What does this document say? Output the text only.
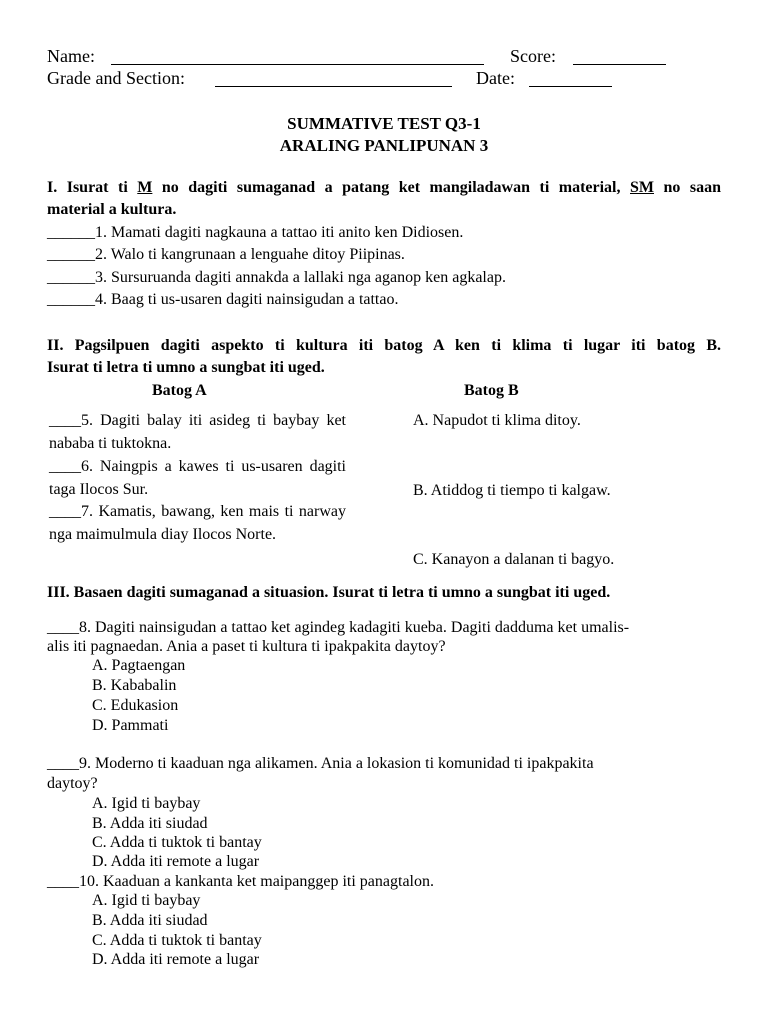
Name:	Score:
Grade and Section:	Date:
SUMMATIVE TEST Q3-1
ARALING PANLIPUNAN 3
I. Isurat ti M no dagiti sumaganad a patang ket mangiladawan ti material, SM no saan
material a kultura.
______1. Mamati dagiti nagkauna a tattao iti anito ken Didiosen.
______2. Walo ti kangrunaan a lenguahe ditoy Piipinas.
______3. Sursuruanda dagiti annakda a lallaki nga aganop ken agkalap.
______4. Baag ti us-usaren dagiti nainsigudan a tattao.
II. Pagsilpuen dagiti aspekto ti kultura iti batog A ken ti klima ti lugar iti batog B.
Isurat ti letra ti umno a sungbat iti uged.
Batog A	Batog B
____5. Dagiti balay iti asideg ti baybay ket nababa ti tuktokna.
____6. Naingpis a kawes ti us-usaren dagiti taga Ilocos Sur.
____7. Kamatis, bawang, ken mais ti narway nga maimulmula diay Ilocos Norte.
A. Napudot ti klima ditoy.
B. Atiddog ti tiempo ti kalgaw.
C. Kanayon a dalanan ti bagyo.
III. Basaen dagiti sumaganad a situasion. Isurat ti letra ti umno a sungbat iti uged.
____8. Dagiti nainsigudan a tattao ket agindeg kadagiti kueba. Dagiti dadduma ket umalis-
alis iti pagnaedan. Ania a paset ti kultura ti ipakpakita daytoy?
A. Pagtaengan
B. Kababalin
C. Edukasion
D. Pammati
____9. Moderno ti kaaduan nga alikamen. Ania a lokasion ti komunidad ti ipakpakita
daytoy?
A. Igid ti baybay
B. Adda iti siudad
C. Adda ti tuktok ti bantay
D. Adda iti remote a lugar
____10. Kaaduan a kankanta ket maipanggep iti panagtalon.
A. Igid ti baybay
B. Adda iti siudad
C. Adda ti tuktok ti bantay
D. Adda iti remote a lugar
